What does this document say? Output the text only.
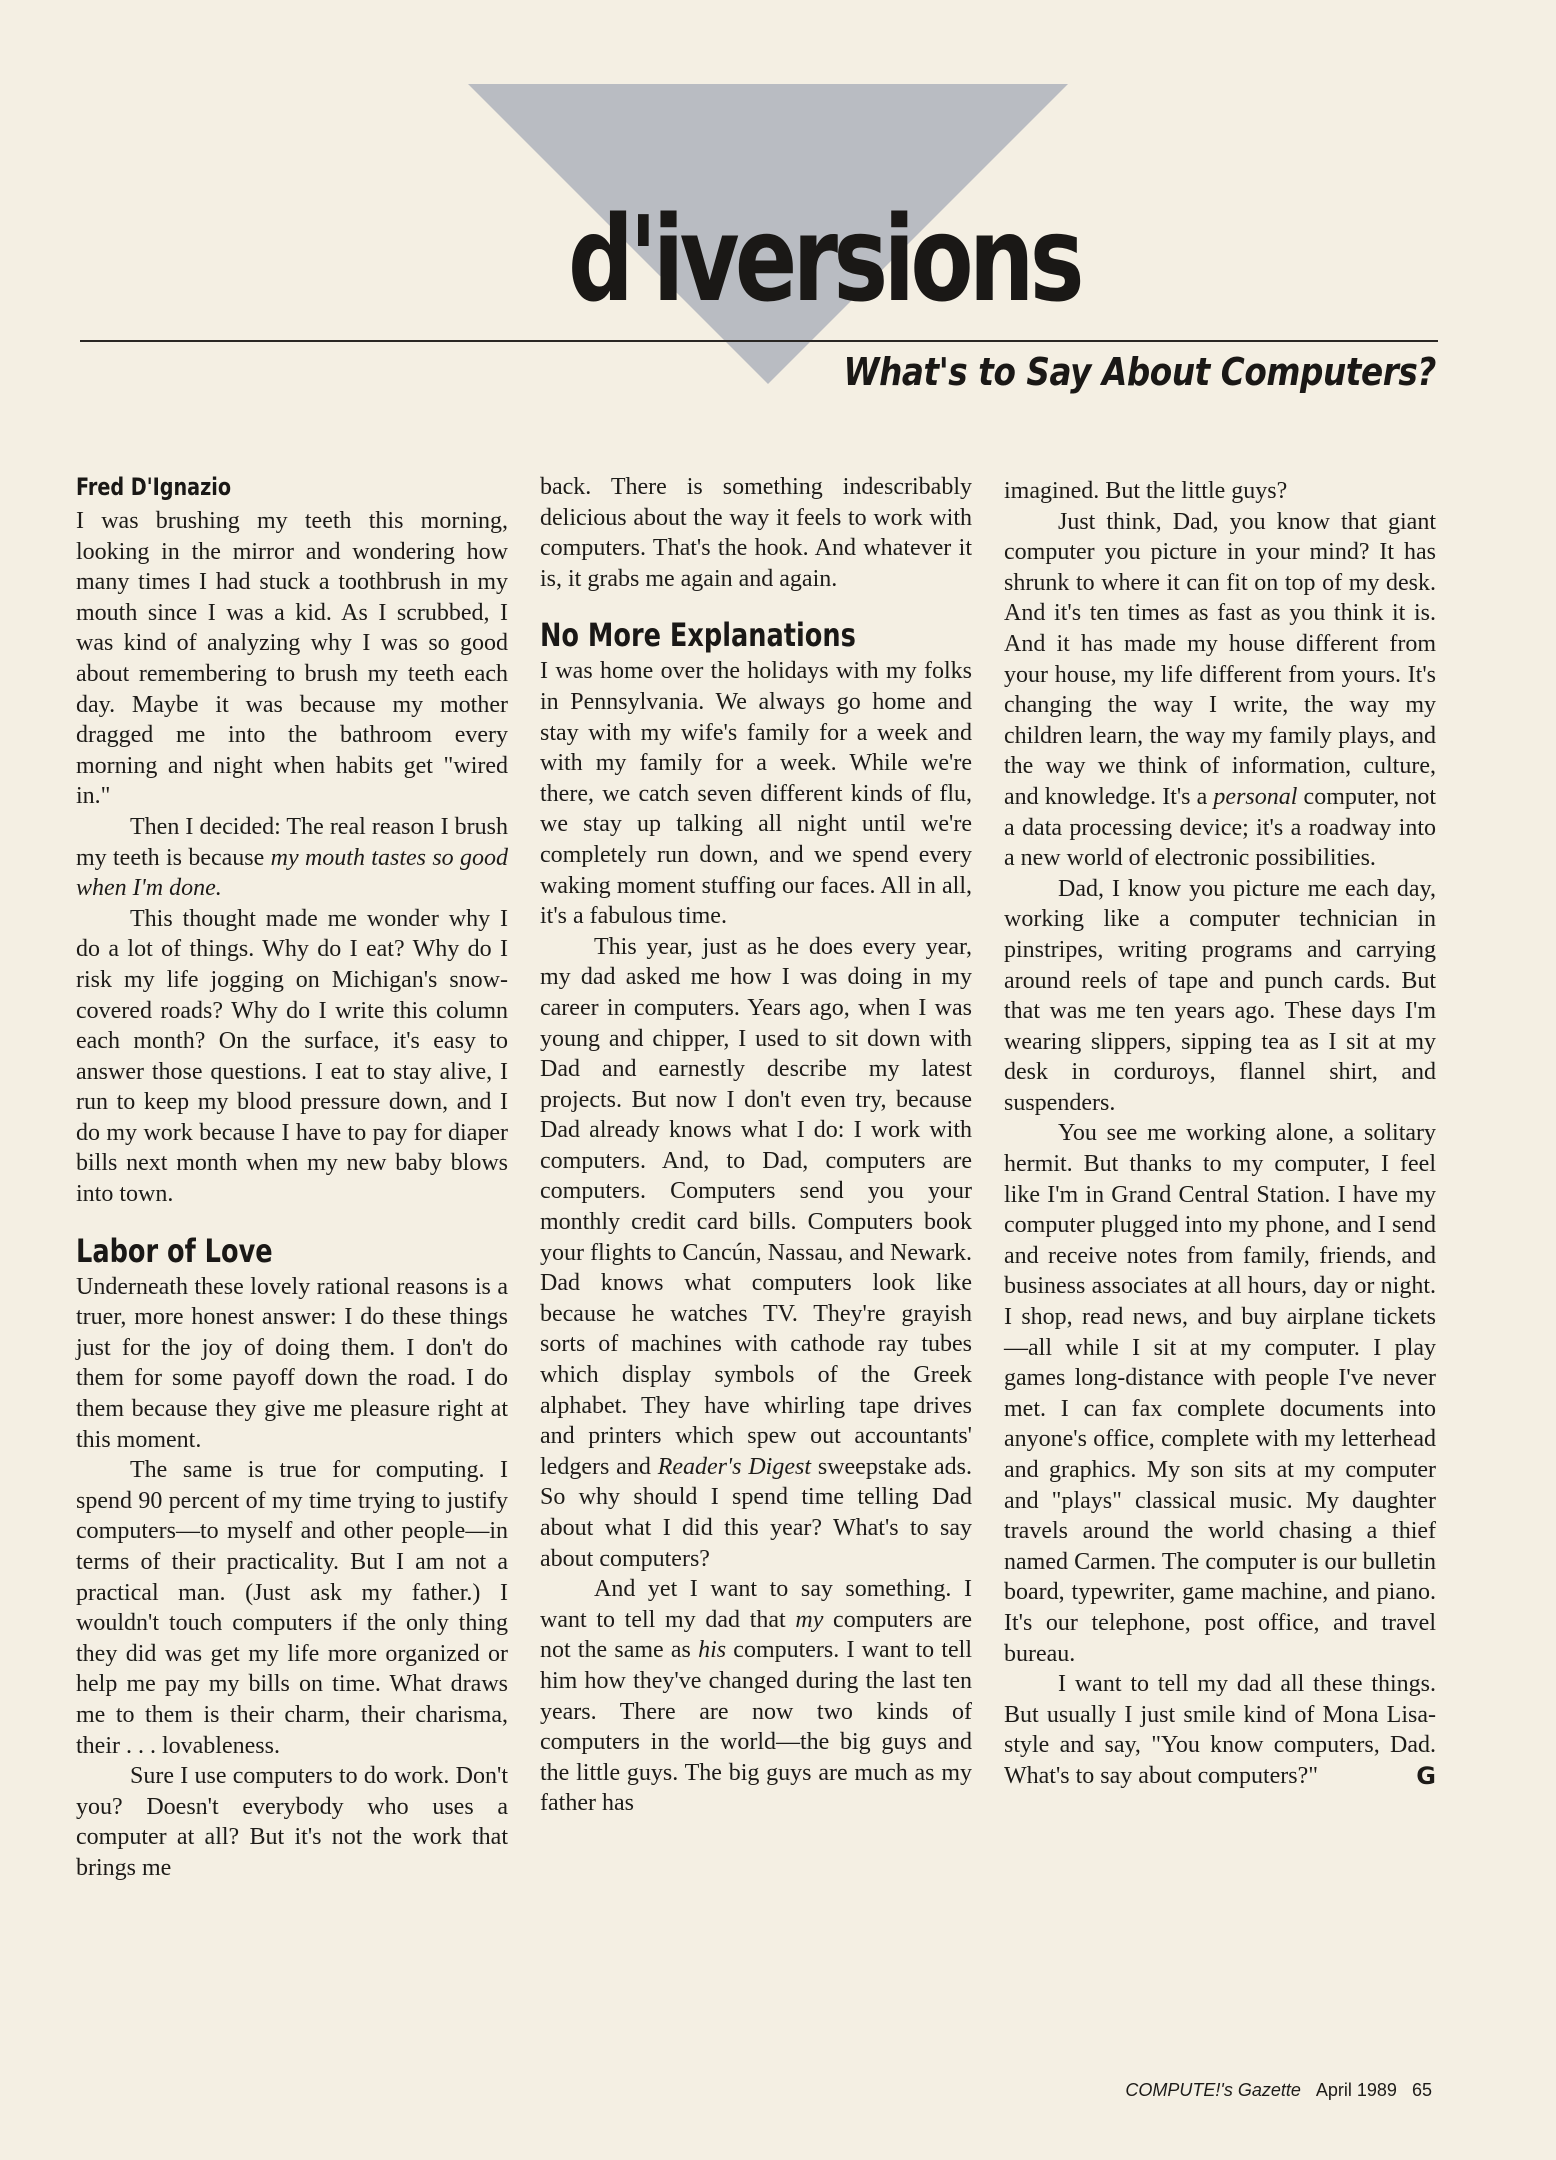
d'iversions
What's to Say About Computers?
Fred D'Ignazio

I was brushing my teeth this morning, looking in the mirror and wondering how many times I had stuck a toothbrush in my mouth since I was a kid. As I scrubbed, I was kind of analyzing why I was so good about remembering to brush my teeth each day. Maybe it was because my mother dragged me into the bathroom every morning and night when habits get "wired in."

Then I decided: The real reason I brush my teeth is because my mouth tastes so good when I'm done.

This thought made me wonder why I do a lot of things. Why do I eat? Why do I risk my life jogging on Michigan's snow-covered roads? Why do I write this column each month? On the surface, it's easy to answer those questions. I eat to stay alive, I run to keep my blood pressure down, and I do my work because I have to pay for diaper bills next month when my new baby blows into town.

Labor of Love

Underneath these lovely rational reasons is a truer, more honest answer: I do these things just for the joy of doing them. I don't do them for some payoff down the road. I do them because they give me pleasure right at this moment.

The same is true for computing. I spend 90 percent of my time trying to justify computers—to myself and other people—in terms of their practicality. But I am not a practical man. (Just ask my father.) I wouldn't touch computers if the only thing they did was get my life more organized or help me pay my bills on time. What draws me to them is their charm, their charisma, their . . . lovableness.

Sure I use computers to do work. Don't you? Doesn't everybody who uses a computer at all? But it's not the work that brings me

back. There is something indescribably delicious about the way it feels to work with computers. That's the hook. And whatever it is, it grabs me again and again.

No More Explanations

I was home over the holidays with my folks in Pennsylvania. We always go home and stay with my wife's family for a week and with my family for a week. While we're there, we catch seven different kinds of flu, we stay up talking all night until we're completely run down, and we spend every waking moment stuffing our faces. All in all, it's a fabulous time.

This year, just as he does every year, my dad asked me how I was doing in my career in computers. Years ago, when I was young and chipper, I used to sit down with Dad and earnestly describe my latest projects. But now I don't even try, because Dad already knows what I do: I work with computers. And, to Dad, computers are computers. Computers send you your monthly credit card bills. Computers book your flights to Cancún, Nassau, and Newark. Dad knows what computers look like because he watches TV. They're grayish sorts of machines with cathode ray tubes which display symbols of the Greek alphabet. They have whirling tape drives and printers which spew out accountants' ledgers and Reader's Digest sweepstake ads. So why should I spend time telling Dad about what I did this year? What's to say about computers?

And yet I want to say something. I want to tell my dad that my computers are not the same as his computers. I want to tell him how they've changed during the last ten years. There are now two kinds of computers in the world—the big guys and the little guys. The big guys are much as my father has

imagined. But the little guys?

Just think, Dad, you know that giant computer you picture in your mind? It has shrunk to where it can fit on top of my desk. And it's ten times as fast as you think it is. And it has made my house different from your house, my life different from yours. It's changing the way I write, the way my children learn, the way my family plays, and the way we think of information, culture, and knowledge. It's a personal computer, not a data processing device; it's a roadway into a new world of electronic possibilities.

Dad, I know you picture me each day, working like a computer technician in pinstripes, writing programs and carrying around reels of tape and punch cards. But that was me ten years ago. These days I'm wearing slippers, sipping tea as I sit at my desk in corduroys, flannel shirt, and suspenders.

You see me working alone, a solitary hermit. But thanks to my computer, I feel like I'm in Grand Central Station. I have my computer plugged into my phone, and I send and receive notes from family, friends, and business associates at all hours, day or night. I shop, read news, and buy airplane tickets—all while I sit at my computer. I play games long-distance with people I've never met. I can fax complete documents into anyone's office, complete with my letterhead and graphics. My son sits at my computer and "plays" classical music. My daughter travels around the world chasing a thief named Carmen. The computer is our bulletin board, typewriter, game machine, and piano. It's our telephone, post office, and travel bureau.

I want to tell my dad all these things. But usually I just smile kind of Mona Lisa-style and say, "You know computers, Dad. What's to say about computers?"	G

COMPUTE!'s Gazette April 1989 65
